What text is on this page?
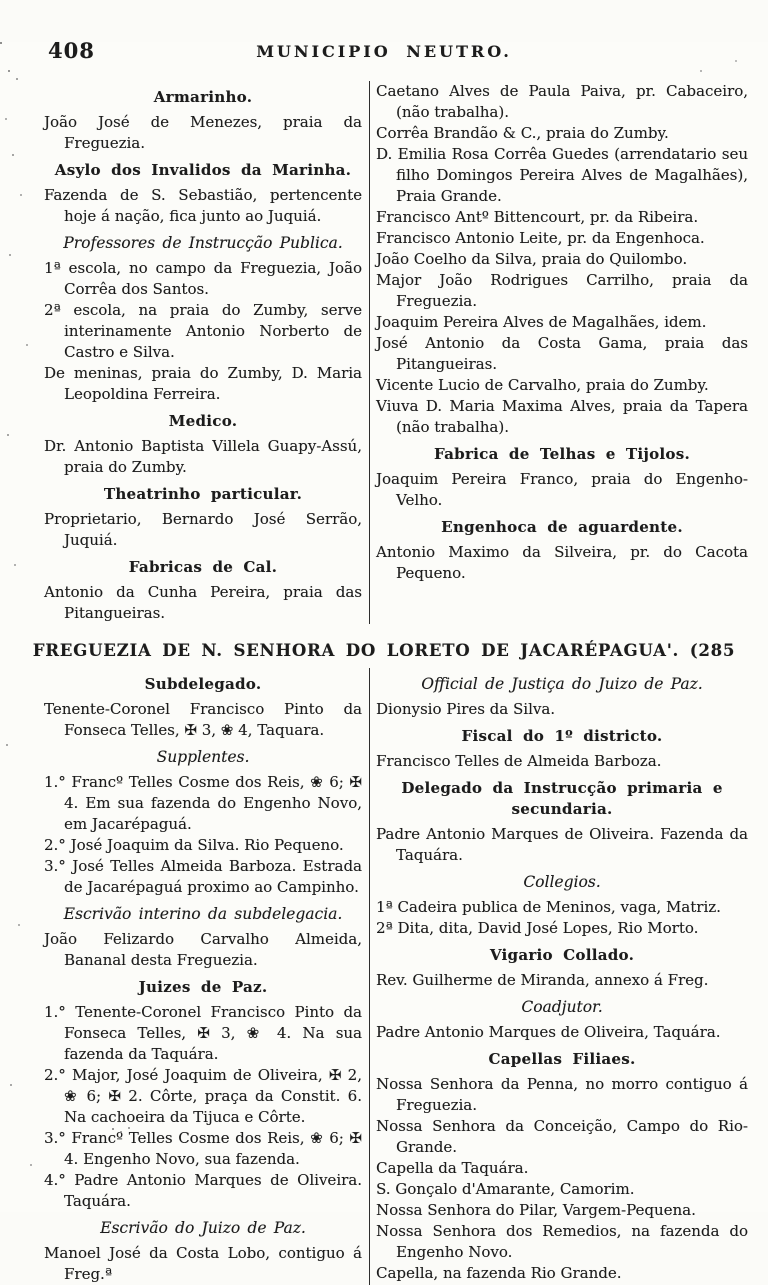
408	MUNICIPIO NEUTRO.
Armarinho.
João José de Menezes, praia da Freguezia.
Asylo dos Invalidos da Marinha.
Fazenda de S. Sebastião, pertencente hoje á nação, fica junto ao Juquiá.
Professores de Instrucção Publica.
1ª escola, no campo da Freguezia, João Corrêa dos Santos.
2ª escola, na praia do Zumby, serve interinamente Antonio Norberto de Castro e Silva.
De meninas, praia do Zumby, D. Maria Leopoldina Ferreira.
Medico.
Dr. Antonio Baptista Villela Guapy-Assú, praia do Zumby.
Theatrinho particular.
Proprietario, Bernardo José Serrão, Juquiá.
Fabricas de Cal.
Antonio da Cunha Pereira, praia das Pitangueiras.
Caetano Alves de Paula Paiva, pr. Cabaceiro, (não trabalha).
Corrêa Brandão & C., praia do Zumby.
D. Emilia Rosa Corrêa Guedes (arrendatario seu filho Domingos Pereira Alves de Magalhães), Praia Grande.
Francisco Antº Bittencourt, pr. da Ribeira.
Francisco Antonio Leite, pr. da Engenhoca.
João Coelho da Silva, praia do Quilombo.
Major João Rodrigues Carrilho, praia da Freguezia.
Joaquim Pereira Alves de Magalhães, idem.
José Antonio da Costa Gama, praia das Pitangueiras.
Vicente Lucio de Carvalho, praia do Zumby.
Viuva D. Maria Maxima Alves, praia da Tapera (não trabalha).
Fabrica de Telhas e Tijolos.
Joaquim Pereira Franco, praia do Engenho-Velho.
Engenhoca de aguardente.
Antonio Maximo da Silveira, pr. do Cacota Pequeno.
FREGUEZIA DE N. SENHORA DO LORETO DE JACARÉPAGUA'. (285
Subdelegado.
Tenente-Coronel Francisco Pinto da Fonseca Telles, ✠ 3, ❀ 4, Taquara.
Supplentes.
1.° Francº Telles Cosme dos Reis, ❀ 6; ✠ 4. Em sua fazenda do Engenho Novo, em Jacarépaguá.
2.° José Joaquim da Silva. Rio Pequeno.
3.° José Telles Almeida Barboza. Estrada de Jacarépaguá proximo ao Campinho.
Escrivão interino da subdelegacia.
João Felizardo Carvalho Almeida, Bananal desta Freguezia.
Juizes de Paz.
1.° Tenente-Coronel Francisco Pinto da Fonseca Telles, ✠ 3, ❀ 4. Na sua fazenda da Taquára.
2.° Major, José Joaquim de Oliveira, ✠ 2, ❀ 6; ✠ 2. Côrte, praça da Constit. 6. Na cachoeira da Tijuca e Côrte.
3.° Francº Telles Cosme dos Reis, ❀ 6; ✠ 4. Engenho Novo, sua fazenda.
4.° Padre Antonio Marques de Oliveira. Taquára.
Escrivão do Juizo de Paz.
Manoel José da Costa Lobo, contiguo á Freg.ª
Official de Justiça do Juizo de Paz.
Dionysio Pires da Silva.
Fiscal do 1º districto.
Francisco Telles de Almeida Barboza.
Delegado da Instrucção primaria e secundaria.
Padre Antonio Marques de Oliveira. Fazenda da Taquára.
Collegios.
1ª Cadeira publica de Meninos, vaga, Matriz.
2ª Dita, dita, David José Lopes, Rio Morto.
Vigario Collado.
Rev. Guilherme de Miranda, annexo á Freg.
Coadjutor.
Padre Antonio Marques de Oliveira, Taquára.
Capellas Filiaes.
Nossa Senhora da Penna, no morro contiguo á Freguezia.
Nossa Senhora da Conceição, Campo do Rio-Grande.
Capella da Taquára.
S. Gonçalo d'Amarante, Camorim.
Nossa Senhora do Pilar, Vargem-Pequena.
Nossa Senhora dos Remedios, na fazenda do Engenho Novo.
Capella, na fazenda Rio Grande.
